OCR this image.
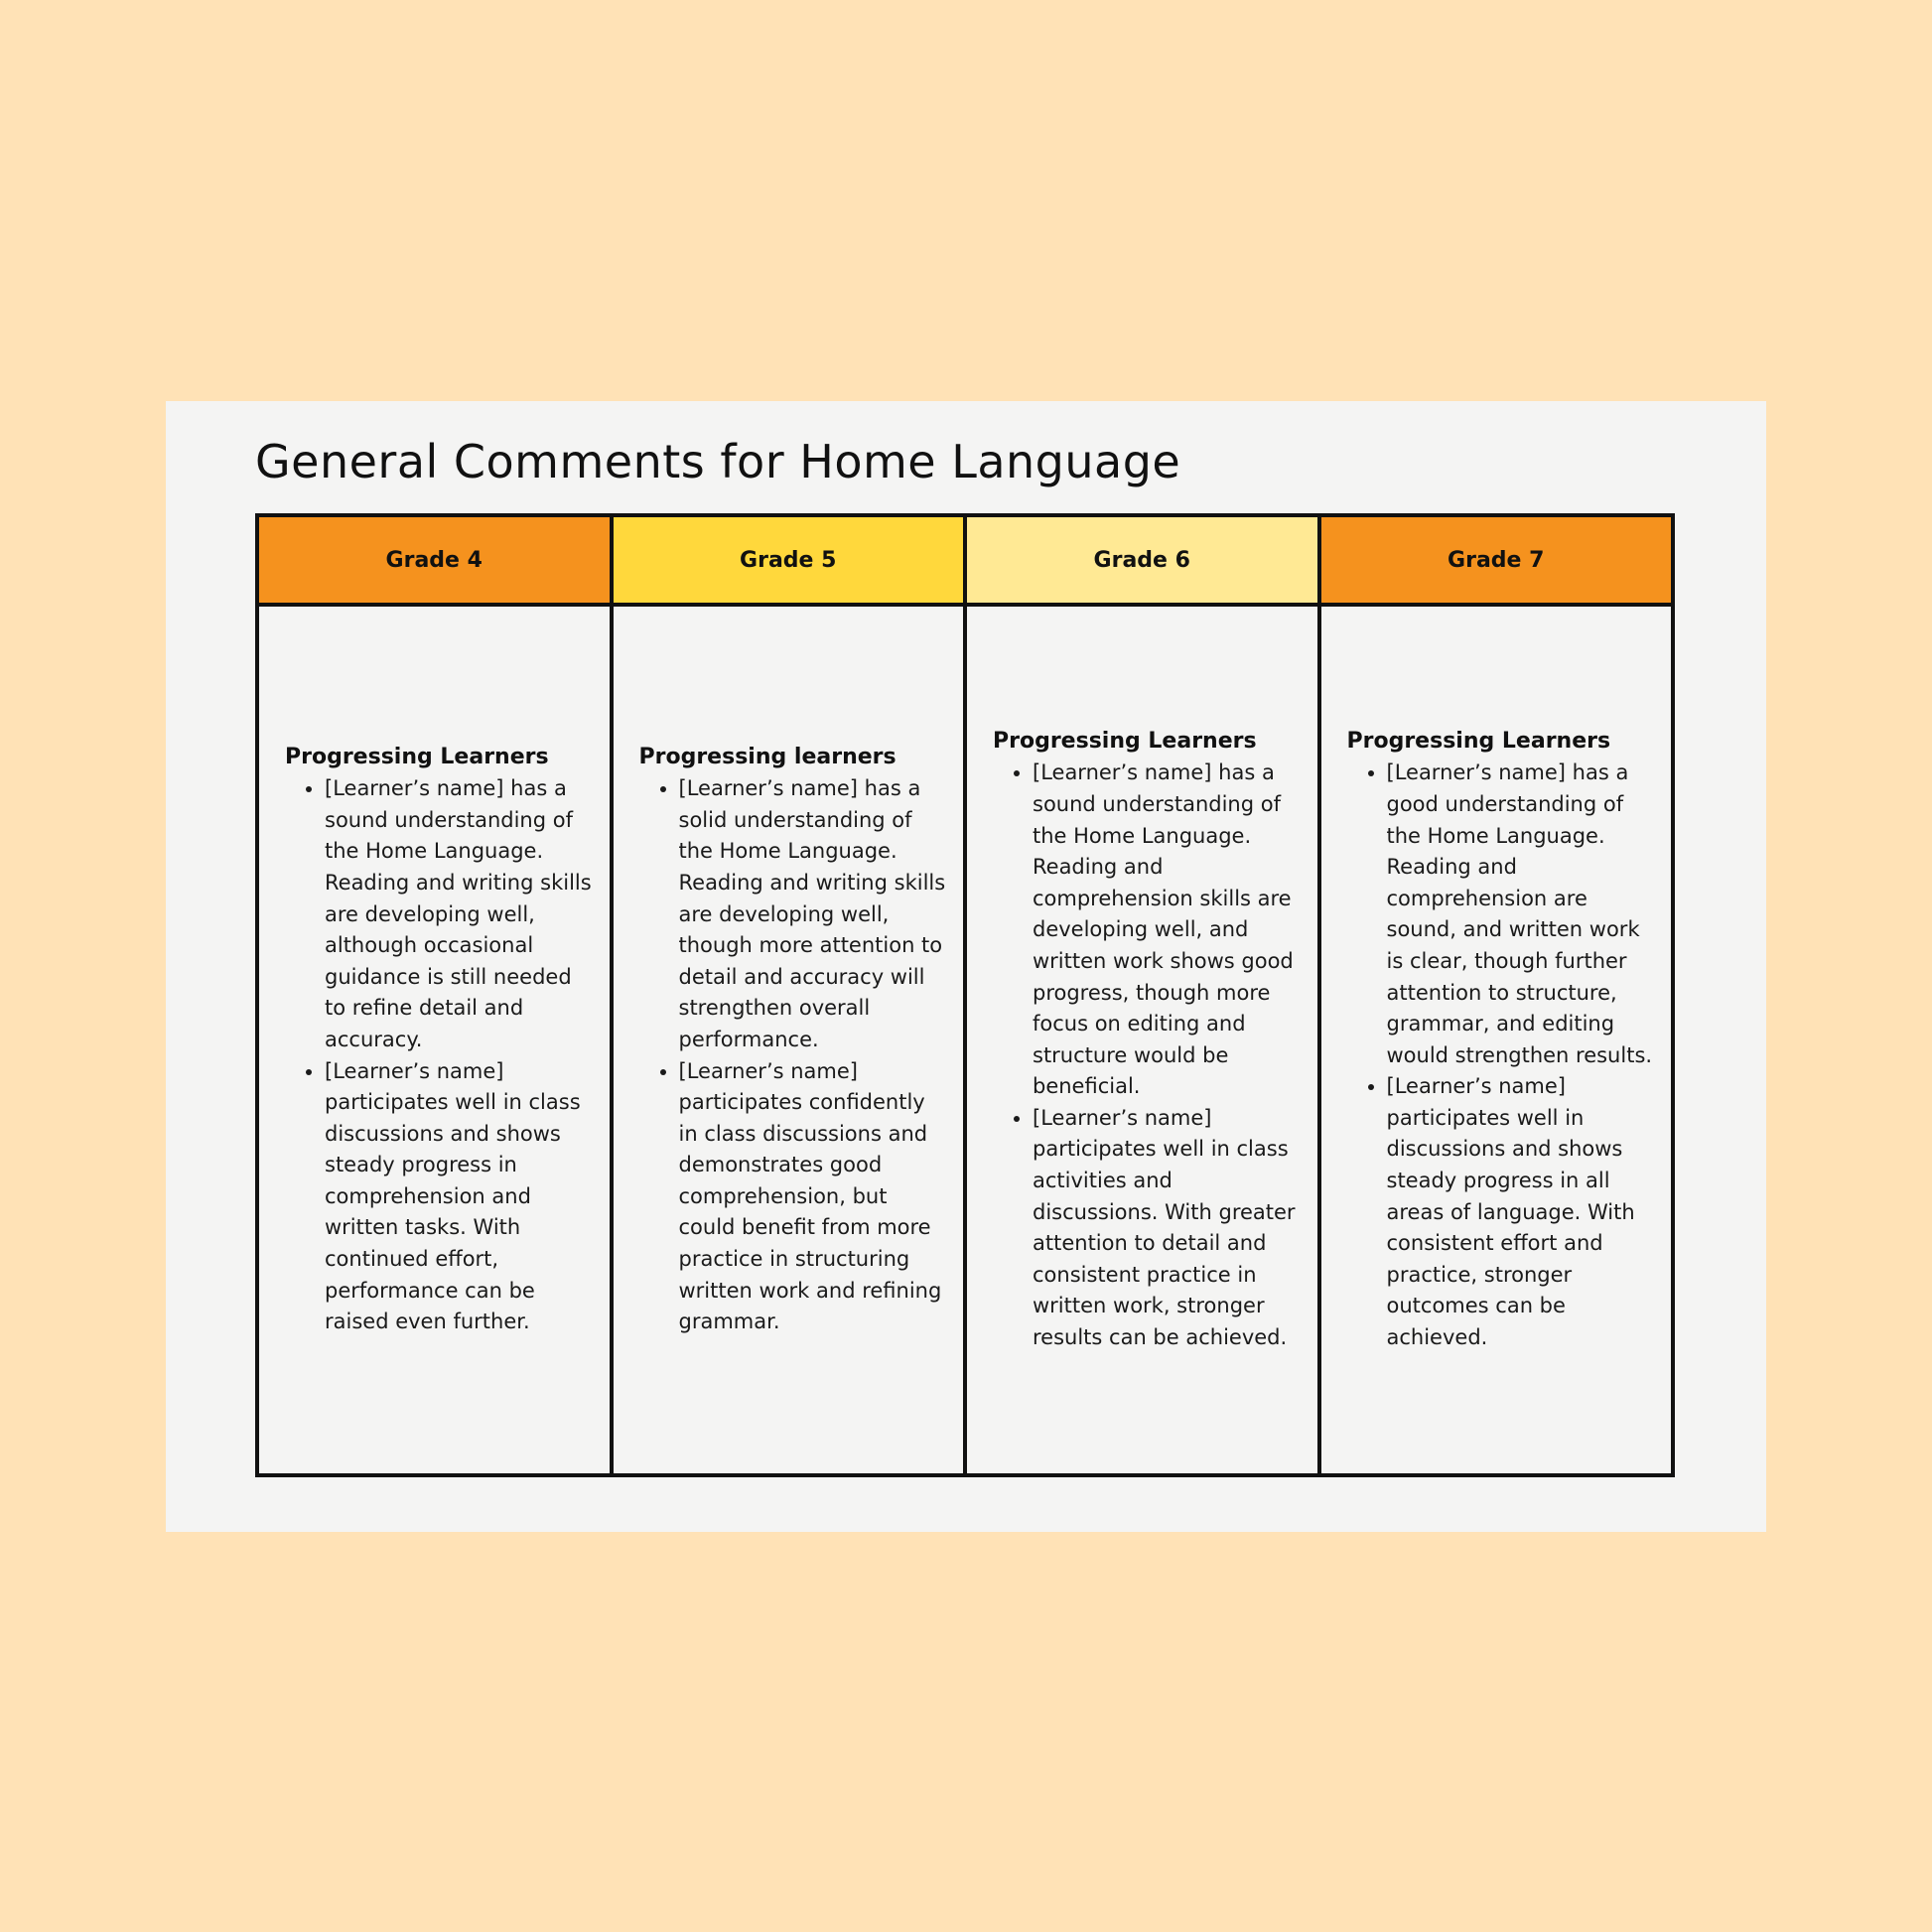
General Comments for Home Language
Grade 4
Progressing Learners
• [Learner’s name] has a sound understanding of the Home Language. Reading and writing skills are developing well, although occasional guidance is still needed to refine detail and accuracy.
• [Learner’s name] participates well in class discussions and shows steady progress in comprehension and written tasks. With continued effort, performance can be raised even further.
Grade 5
Progressing learners
• [Learner’s name] has a solid understanding of the Home Language. Reading and writing skills are developing well, though more attention to detail and accuracy will strengthen overall performance.
• [Learner’s name] participates confidently in class discussions and demonstrates good comprehension, but could benefit from more practice in structuring written work and refining grammar.
Grade 6
Progressing Learners
• [Learner’s name] has a sound understanding of the Home Language. Reading and comprehension skills are developing well, and written work shows good progress, though more focus on editing and structure would be beneficial.
• [Learner’s name] participates well in class activities and discussions. With greater attention to detail and consistent practice in written work, stronger results can be achieved.
Grade 7
Progressing Learners
• [Learner’s name] has a good understanding of the Home Language. Reading and comprehension are sound, and written work is clear, though further attention to structure, grammar, and editing would strengthen results.
• [Learner’s name] participates well in discussions and shows steady progress in all areas of language. With consistent effort and practice, stronger outcomes can be achieved.
